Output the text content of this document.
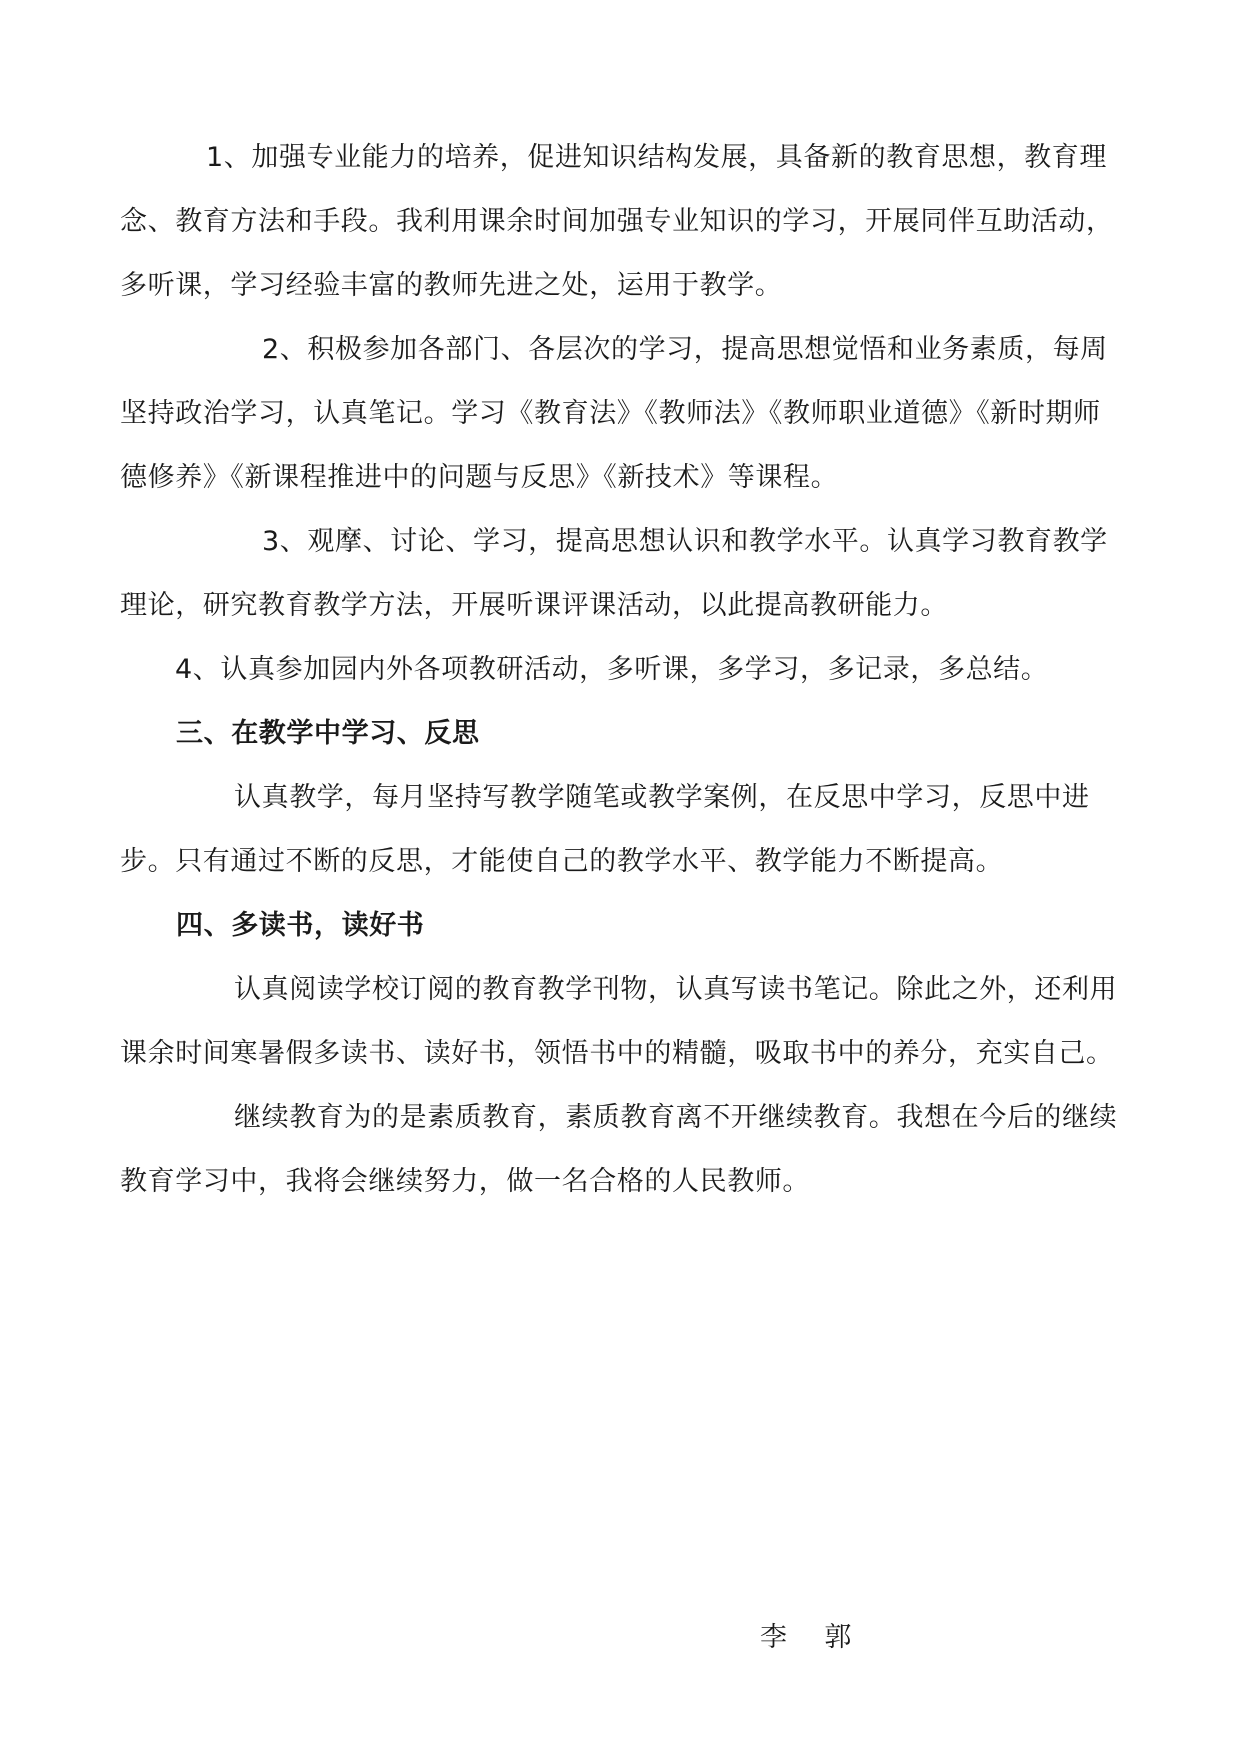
1、加强专业能力的培养，促进知识结构发展，具备新的教育思想，教育理念、教育方法和手段。我利用课余时间加强专业知识的学习，开展同伴互助活动，多听课，学习经验丰富的教师先进之处，运用于教学。

2、积极参加各部门、各层次的学习，提高思想觉悟和业务素质，每周坚持政治学习，认真笔记。学习《教育法》《教师法》《教师职业道德》《新时期师德修养》《新课程推进中的问题与反思》《新技术》等课程。

3、观摩、讨论、学习，提高思想认识和教学水平。认真学习教育教学理论，研究教育教学方法，开展听课评课活动，以此提高教研能力。

4、认真参加园内外各项教研活动，多听课，多学习，多记录，多总结。

三、在教学中学习、反思

认真教学，每月坚持写教学随笔或教学案例，在反思中学习，反思中进步。只有通过不断的反思，才能使自己的教学水平、教学能力不断提高。

四、多读书，读好书

认真阅读学校订阅的教育教学刊物，认真写读书笔记。除此之外，还利用课余时间寒暑假多读书、读好书，领悟书中的精髓，吸取书中的养分，充实自己。

继续教育为的是素质教育，素质教育离不开继续教育。我想在今后的继续教育学习中，我将会继续努力，做一名合格的人民教师。

李    郭
